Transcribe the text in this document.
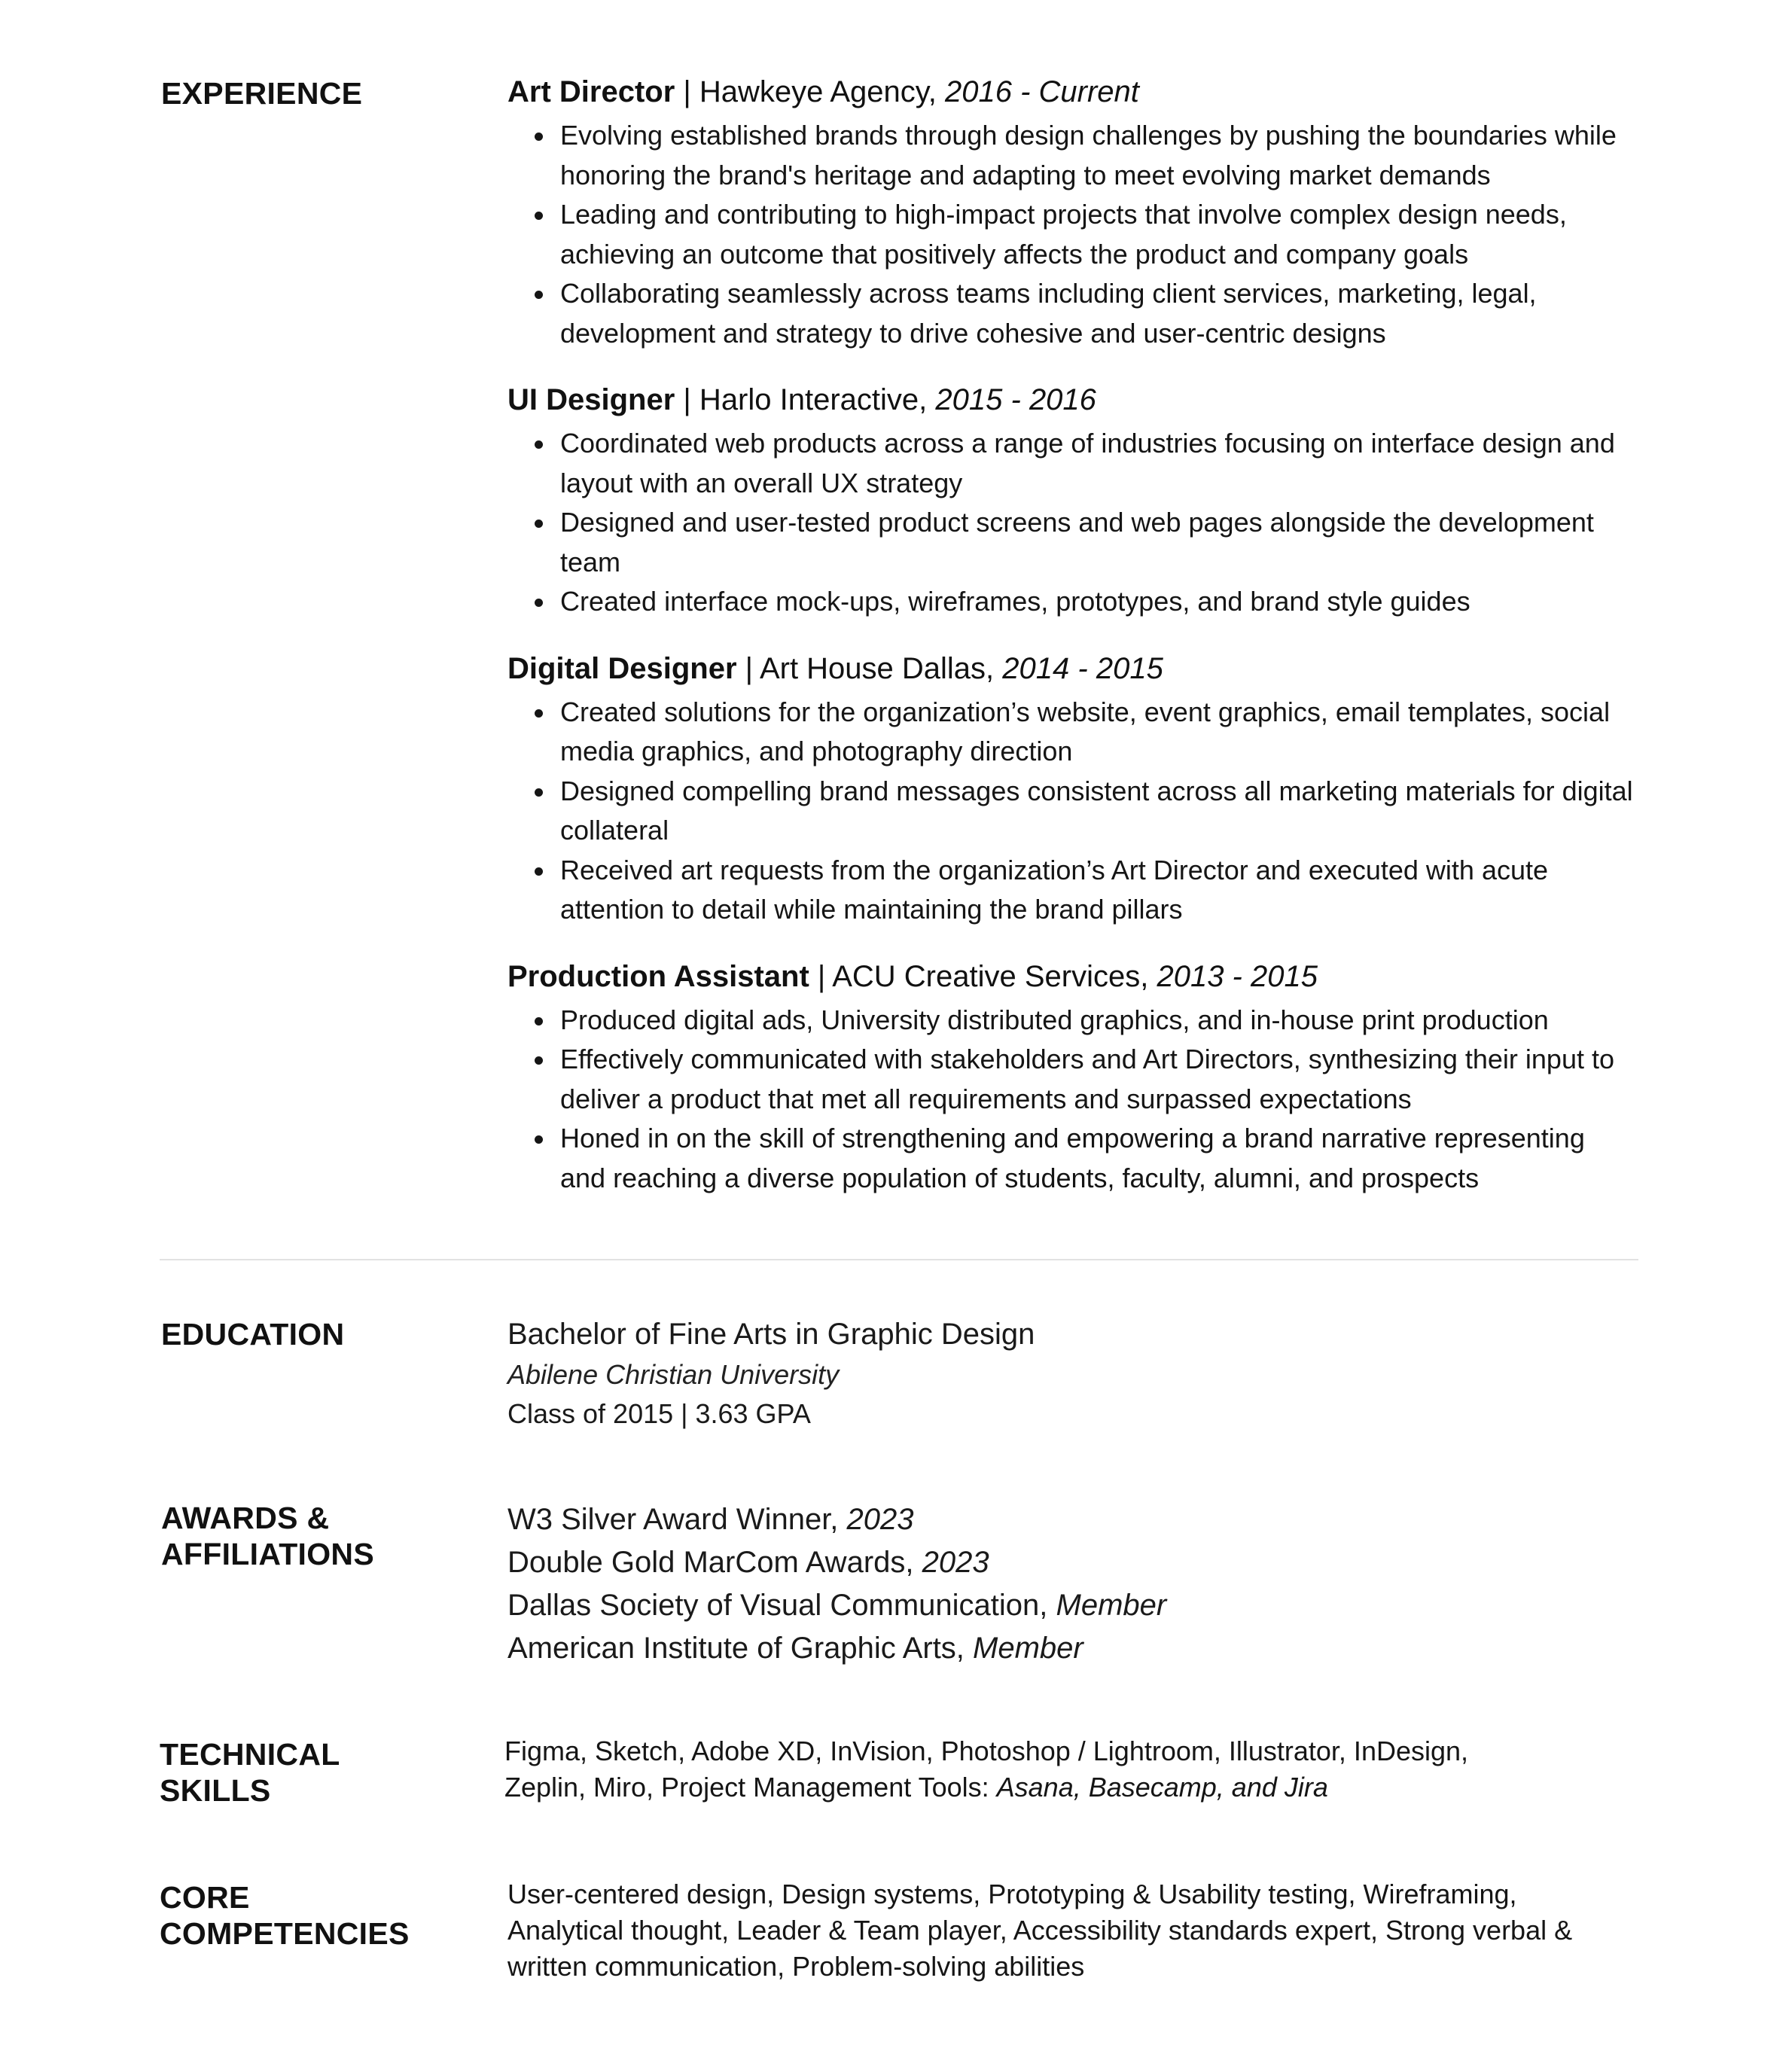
EXPERIENCE	Art Director | Hawkeye Agency, 2016 - Current
Evolving established brands through design challenges by pushing the boundaries while honoring the brand's heritage and adapting to meet evolving market demands
Leading and contributing to high-impact projects that involve complex design needs, achieving an outcome that positively affects the product and company goals
Collaborating seamlessly across teams including client services, marketing, legal, development and strategy to drive cohesive and user-centric designs
UI Designer | Harlo Interactive, 2015 - 2016
Coordinated web products across a range of industries focusing on interface design and layout with an overall UX strategy
Designed and user-tested product screens and web pages alongside the development team
Created interface mock-ups, wireframes, prototypes, and brand style guides
Digital Designer | Art House Dallas, 2014 - 2015
Created solutions for the organization’s website, event graphics, email templates, social media graphics, and photography direction
Designed compelling brand messages consistent across all marketing materials for digital collateral
Received art requests from the organization’s Art Director and executed with acute attention to detail while maintaining the brand pillars
Production Assistant | ACU Creative Services, 2013 - 2015
Produced digital ads, University distributed graphics, and in-house print production
Effectively communicated with stakeholders and Art Directors, synthesizing their input to deliver a product that met all requirements and surpassed expectations
Honed in on the skill of strengthening and empowering a brand narrative representing and reaching a diverse population of students, faculty, alumni, and prospects
EDUCATION	Bachelor of Fine Arts in Graphic Design
Abilene Christian University
Class of 2015 | 3.63 GPA
AWARDS &
AFFILIATIONS
W3 Silver Award Winner, 2023
Double Gold MarCom Awards, 2023
Dallas Society of Visual Communication, Member
American Institute of Graphic Arts, Member
TECHNICAL
SKILLS
Figma, Sketch, Adobe XD, InVision, Photoshop / Lightroom, Illustrator, InDesign,
Zeplin, Miro, Project Management Tools: Asana, Basecamp, and Jira
CORE
COMPETENCIES
User-centered design, Design systems, Prototyping & Usability testing, Wireframing, Analytical thought, Leader & Team player, Accessibility standards expert, Strong verbal & written communication, Problem-solving abilities
